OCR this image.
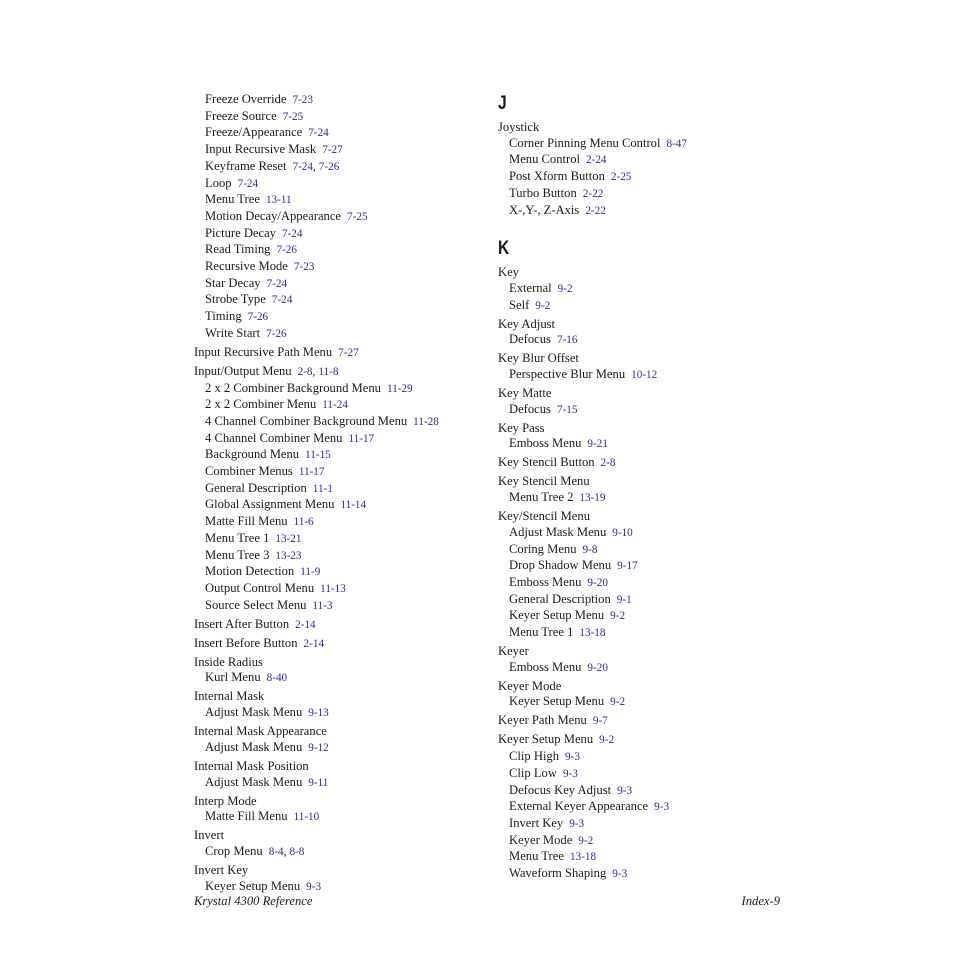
Freeze Override 7-23
Freeze Source 7-25
Freeze/Appearance 7-24
Input Recursive Mask 7-27
Keyframe Reset 7-24, 7-26
Loop 7-24
Menu Tree 13-11
Motion Decay/Appearance 7-25
Picture Decay 7-24
Read Timing 7-26
Recursive Mode 7-23
Star Decay 7-24
Strobe Type 7-24
Timing 7-26
Write Start 7-26
Input Recursive Path Menu 7-27
Input/Output Menu 2-8, 11-8
2 x 2 Combiner Background Menu 11-29
2 x 2 Combiner Menu 11-24
4 Channel Combiner Background Menu 11-28
4 Channel Combiner Menu 11-17
Background Menu 11-15
Combiner Menus 11-17
General Description 11-1
Global Assignment Menu 11-14
Matte Fill Menu 11-6
Menu Tree 1 13-21
Menu Tree 3 13-23
Motion Detection 11-9
Output Control Menu 11-13
Source Select Menu 11-3
Insert After Button 2-14
Insert Before Button 2-14
Inside Radius
Kurl Menu 8-40
Internal Mask
Adjust Mask Menu 9-13
Internal Mask Appearance
Adjust Mask Menu 9-12
Internal Mask Position
Adjust Mask Menu 9-11
Interp Mode
Matte Fill Menu 11-10
Invert
Crop Menu 8-4, 8-8
Invert Key
Keyer Setup Menu 9-3
J
Joystick
Corner Pinning Menu Control 8-47
Menu Control 2-24
Post Xform Button 2-25
Turbo Button 2-22
X-,Y-, Z-Axis 2-22
K
Key
External 9-2
Self 9-2
Key Adjust
Defocus 7-16
Key Blur Offset
Perspective Blur Menu 10-12
Key Matte
Defocus 7-15
Key Pass
Emboss Menu 9-21
Key Stencil Button 2-8
Key Stencil Menu
Menu Tree 2 13-19
Key/Stencil Menu
Adjust Mask Menu 9-10
Coring Menu 9-8
Drop Shadow Menu 9-17
Emboss Menu 9-20
General Description 9-1
Keyer Setup Menu 9-2
Menu Tree 1 13-18
Keyer
Emboss Menu 9-20
Keyer Mode
Keyer Setup Menu 9-2
Keyer Path Menu 9-7
Keyer Setup Menu 9-2
Clip High 9-3
Clip Low 9-3
Defocus Key Adjust 9-3
External Keyer Appearance 9-3
Invert Key 9-3
Keyer Mode 9-2
Menu Tree 13-18
Waveform Shaping 9-3
Krystal 4300 Reference	Index-9
